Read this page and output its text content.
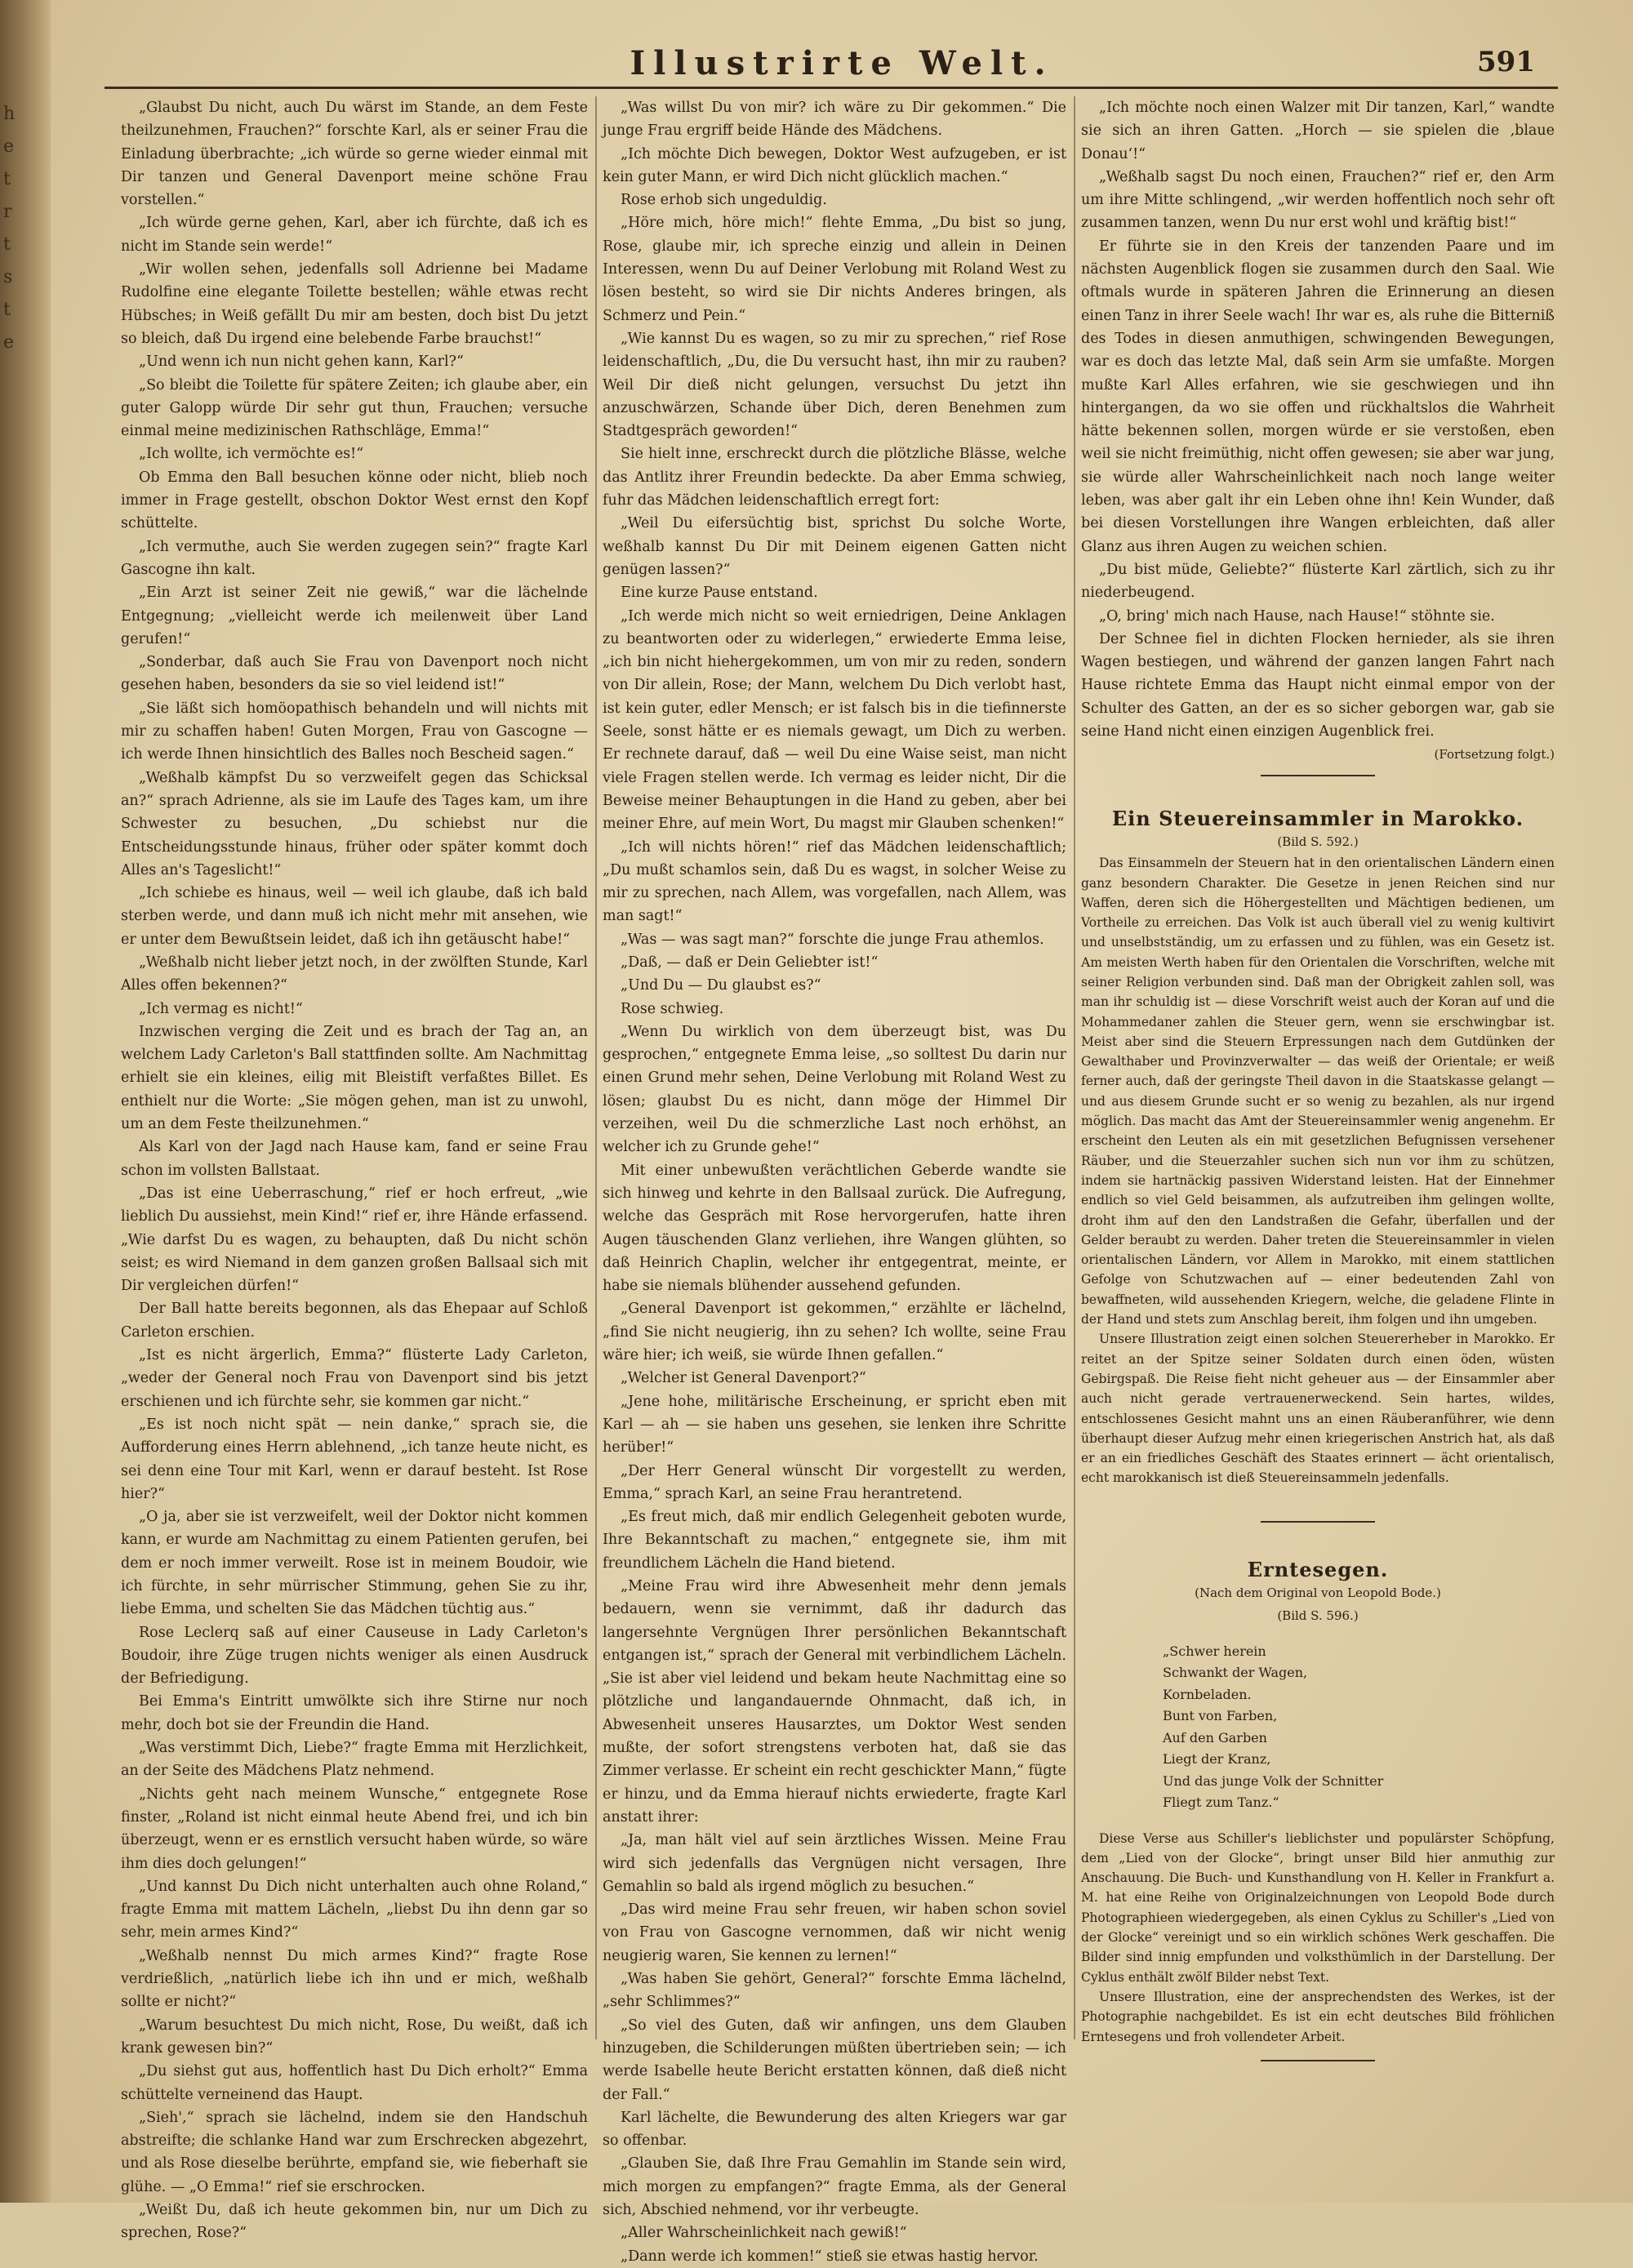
h
e
t
r
t
s
t
e
Illustrirte Welt.	591

„Glaubst Du nicht, auch Du wärst im Stande, an dem Feste theilzunehmen, Frauchen?“ forschte Karl, als er seiner Frau die Einladung überbrachte; „ich würde so gerne wieder einmal mit Dir tanzen und General Davenport meine schöne Frau vorstellen.“

„Ich würde gerne gehen, Karl, aber ich fürchte, daß ich es nicht im Stande sein werde!“

„Wir wollen sehen, jedenfalls soll Adrienne bei Madame Rudolfine eine elegante Toilette bestellen; wähle etwas recht Hübsches; in Weiß gefällt Du mir am besten, doch bist Du jetzt so bleich, daß Du irgend eine belebende Farbe brauchst!“

„Und wenn ich nun nicht gehen kann, Karl?“

„So bleibt die Toilette für spätere Zeiten; ich glaube aber, ein guter Galopp würde Dir sehr gut thun, Frauchen; versuche einmal meine medizinischen Rathschläge, Emma!“

„Ich wollte, ich vermöchte es!“

Ob Emma den Ball besuchen könne oder nicht, blieb noch immer in Frage gestellt, obschon Doktor West ernst den Kopf schüttelte.

„Ich vermuthe, auch Sie werden zugegen sein?“ fragte Karl Gascogne ihn kalt.

„Ein Arzt ist seiner Zeit nie gewiß,“ war die lächelnde Entgegnung; „vielleicht werde ich meilenweit über Land gerufen!“

„Sonderbar, daß auch Sie Frau von Davenport noch nicht gesehen haben, besonders da sie so viel leidend ist!“

„Sie läßt sich homöopathisch behandeln und will nichts mit mir zu schaffen haben! Guten Morgen, Frau von Gascogne — ich werde Ihnen hinsichtlich des Balles noch Bescheid sagen.“

„Weßhalb kämpfst Du so verzweifelt gegen das Schicksal an?“ sprach Adrienne, als sie im Laufe des Tages kam, um ihre Schwester zu besuchen, „Du schiebst nur die Entscheidungsstunde hinaus, früher oder später kommt doch Alles an's Tageslicht!“

„Ich schiebe es hinaus, weil — weil ich glaube, daß ich bald sterben werde, und dann muß ich nicht mehr mit ansehen, wie er unter dem Bewußtsein leidet, daß ich ihn getäuscht habe!“

„Weßhalb nicht lieber jetzt noch, in der zwölften Stunde, Karl Alles offen bekennen?“

„Ich vermag es nicht!“

Inzwischen verging die Zeit und es brach der Tag an, an welchem Lady Carleton's Ball stattfinden sollte. Am Nachmittag erhielt sie ein kleines, eilig mit Bleistift verfaßtes Billet. Es enthielt nur die Worte: „Sie mögen gehen, man ist zu unwohl, um an dem Feste theilzunehmen.“

Als Karl von der Jagd nach Hause kam, fand er seine Frau schon im vollsten Ballstaat.

„Das ist eine Ueberraschung,“ rief er hoch erfreut, „wie lieblich Du aussiehst, mein Kind!“ rief er, ihre Hände erfassend. „Wie darfst Du es wagen, zu behaupten, daß Du nicht schön seist; es wird Niemand in dem ganzen großen Ballsaal sich mit Dir vergleichen dürfen!“

Der Ball hatte bereits begonnen, als das Ehepaar auf Schloß Carleton erschien.

„Ist es nicht ärgerlich, Emma?“ flüsterte Lady Carleton, „weder der General noch Frau von Davenport sind bis jetzt erschienen und ich fürchte sehr, sie kommen gar nicht.“

„Es ist noch nicht spät — nein danke,“ sprach sie, die Aufforderung eines Herrn ablehnend, „ich tanze heute nicht, es sei denn eine Tour mit Karl, wenn er darauf besteht. Ist Rose hier?“

„O ja, aber sie ist verzweifelt, weil der Doktor nicht kommen kann, er wurde am Nachmittag zu einem Patienten gerufen, bei dem er noch immer verweilt. Rose ist in meinem Boudoir, wie ich fürchte, in sehr mürrischer Stimmung, gehen Sie zu ihr, liebe Emma, und schelten Sie das Mädchen tüchtig aus.“

Rose Leclerq saß auf einer Causeuse in Lady Carleton's Boudoir, ihre Züge trugen nichts weniger als einen Ausdruck der Befriedigung.

Bei Emma's Eintritt umwölkte sich ihre Stirne nur noch mehr, doch bot sie der Freundin die Hand.

„Was verstimmt Dich, Liebe?“ fragte Emma mit Herzlichkeit, an der Seite des Mädchens Platz nehmend.

„Nichts geht nach meinem Wunsche,“ entgegnete Rose finster, „Roland ist nicht einmal heute Abend frei, und ich bin überzeugt, wenn er es ernstlich versucht haben würde, so wäre ihm dies doch gelungen!“

„Und kannst Du Dich nicht unterhalten auch ohne Roland,“ fragte Emma mit mattem Lächeln, „liebst Du ihn denn gar so sehr, mein armes Kind?“

„Weßhalb nennst Du mich armes Kind?“ fragte Rose verdrießlich, „natürlich liebe ich ihn und er mich, weßhalb sollte er nicht?“

„Warum besuchtest Du mich nicht, Rose, Du weißt, daß ich krank gewesen bin?“

„Du siehst gut aus, hoffentlich hast Du Dich erholt?“ Emma schüttelte verneinend das Haupt.

„Sieh',“ sprach sie lächelnd, indem sie den Handschuh abstreifte; die schlanke Hand war zum Erschrecken abgezehrt, und als Rose dieselbe berührte, empfand sie, wie fieberhaft sie glühe. — „O Emma!“ rief sie erschrocken.

„Weißt Du, daß ich heute gekommen bin, nur um Dich zu sprechen, Rose?“

„Was willst Du von mir? ich wäre zu Dir gekommen.“ Die junge Frau ergriff beide Hände des Mädchens.

„Ich möchte Dich bewegen, Doktor West aufzugeben, er ist kein guter Mann, er wird Dich nicht glücklich machen.“

Rose erhob sich ungeduldig.

„Höre mich, höre mich!“ flehte Emma, „Du bist so jung, Rose, glaube mir, ich spreche einzig und allein in Deinen Interessen, wenn Du auf Deiner Verlobung mit Roland West zu lösen besteht, so wird sie Dir nichts Anderes bringen, als Schmerz und Pein.“

„Wie kannst Du es wagen, so zu mir zu sprechen,“ rief Rose leidenschaftlich, „Du, die Du versucht hast, ihn mir zu rauben? Weil Dir dieß nicht gelungen, versuchst Du jetzt ihn anzuschwärzen, Schande über Dich, deren Benehmen zum Stadtgespräch geworden!“

Sie hielt inne, erschreckt durch die plötzliche Blässe, welche das Antlitz ihrer Freundin bedeckte. Da aber Emma schwieg, fuhr das Mädchen leidenschaftlich erregt fort:

„Weil Du eifersüchtig bist, sprichst Du solche Worte, weßhalb kannst Du Dir mit Deinem eigenen Gatten nicht genügen lassen?“

Eine kurze Pause entstand.

„Ich werde mich nicht so weit erniedrigen, Deine Anklagen zu beantworten oder zu widerlegen,“ erwiederte Emma leise, „ich bin nicht hiehergekommen, um von mir zu reden, sondern von Dir allein, Rose; der Mann, welchem Du Dich verlobt hast, ist kein guter, edler Mensch; er ist falsch bis in die tiefinnerste Seele, sonst hätte er es niemals gewagt, um Dich zu werben. Er rechnete darauf, daß — weil Du eine Waise seist, man nicht viele Fragen stellen werde. Ich vermag es leider nicht, Dir die Beweise meiner Behauptungen in die Hand zu geben, aber bei meiner Ehre, auf mein Wort, Du magst mir Glauben schenken!“

„Ich will nichts hören!“ rief das Mädchen leidenschaftlich; „Du mußt schamlos sein, daß Du es wagst, in solcher Weise zu mir zu sprechen, nach Allem, was vorgefallen, nach Allem, was man sagt!“

„Was — was sagt man?“ forschte die junge Frau athemlos.

„Daß, — daß er Dein Geliebter ist!“

„Und Du — Du glaubst es?“

Rose schwieg.

„Wenn Du wirklich von dem überzeugt bist, was Du gesprochen,“ entgegnete Emma leise, „so solltest Du darin nur einen Grund mehr sehen, Deine Verlobung mit Roland West zu lösen; glaubst Du es nicht, dann möge der Himmel Dir verzeihen, weil Du die schmerzliche Last noch erhöhst, an welcher ich zu Grunde gehe!“

Mit einer unbewußten verächtlichen Geberde wandte sie sich hinweg und kehrte in den Ballsaal zurück. Die Aufregung, welche das Gespräch mit Rose hervorgerufen, hatte ihren Augen täuschenden Glanz verliehen, ihre Wangen glühten, so daß Heinrich Chaplin, welcher ihr entgegentrat, meinte, er habe sie niemals blühender aussehend gefunden.

„General Davenport ist gekommen,“ erzählte er lächelnd, „find Sie nicht neugierig, ihn zu sehen? Ich wollte, seine Frau wäre hier; ich weiß, sie würde Ihnen gefallen.“

„Welcher ist General Davenport?“

„Jene hohe, militärische Erscheinung, er spricht eben mit Karl — ah — sie haben uns gesehen, sie lenken ihre Schritte herüber!“

„Der Herr General wünscht Dir vorgestellt zu werden, Emma,“ sprach Karl, an seine Frau herantretend.

„Es freut mich, daß mir endlich Gelegenheit geboten wurde, Ihre Bekanntschaft zu machen,“ entgegnete sie, ihm mit freundlichem Lächeln die Hand bietend.

„Meine Frau wird ihre Abwesenheit mehr denn jemals bedauern, wenn sie vernimmt, daß ihr dadurch das langersehnte Vergnügen Ihrer persönlichen Bekanntschaft entgangen ist,“ sprach der General mit verbindlichem Lächeln. „Sie ist aber viel leidend und bekam heute Nachmittag eine so plötzliche und langandauernde Ohnmacht, daß ich, in Abwesenheit unseres Hausarztes, um Doktor West senden mußte, der sofort strengstens verboten hat, daß sie das Zimmer verlasse. Er scheint ein recht geschickter Mann,“ fügte er hinzu, und da Emma hierauf nichts erwiederte, fragte Karl anstatt ihrer:

„Ja, man hält viel auf sein ärztliches Wissen. Meine Frau wird sich jedenfalls das Vergnügen nicht versagen, Ihre Gemahlin so bald als irgend möglich zu besuchen.“

„Das wird meine Frau sehr freuen, wir haben schon soviel von Frau von Gascogne vernommen, daß wir nicht wenig neugierig waren, Sie kennen zu lernen!“

„Was haben Sie gehört, General?“ forschte Emma lächelnd, „sehr Schlimmes?“

„So viel des Guten, daß wir anfingen, uns dem Glauben hinzugeben, die Schilderungen müßten übertrieben sein; — ich werde Isabelle heute Bericht erstatten können, daß dieß nicht der Fall.“

Karl lächelte, die Bewunderung des alten Kriegers war gar so offenbar.

„Glauben Sie, daß Ihre Frau Gemahlin im Stande sein wird, mich morgen zu empfangen?“ fragte Emma, als der General sich, Abschied nehmend, vor ihr verbeugte.

„Aller Wahrscheinlichkeit nach gewiß!“

„Dann werde ich kommen!“ stieß sie etwas hastig hervor.

„Ich möchte noch einen Walzer mit Dir tanzen, Karl,“ wandte sie sich an ihren Gatten. „Horch — sie spielen die ‚blaue Donau‘!“

„Weßhalb sagst Du noch einen, Frauchen?“ rief er, den Arm um ihre Mitte schlingend, „wir werden hoffentlich noch sehr oft zusammen tanzen, wenn Du nur erst wohl und kräftig bist!“

Er führte sie in den Kreis der tanzenden Paare und im nächsten Augenblick flogen sie zusammen durch den Saal. Wie oftmals wurde in späteren Jahren die Erinnerung an diesen einen Tanz in ihrer Seele wach! Ihr war es, als ruhe die Bitterniß des Todes in diesen anmuthigen, schwingenden Bewegungen, war es doch das letzte Mal, daß sein Arm sie umfaßte. Morgen mußte Karl Alles erfahren, wie sie geschwiegen und ihn hintergangen, da wo sie offen und rückhaltslos die Wahrheit hätte bekennen sollen, morgen würde er sie verstoßen, eben weil sie nicht freimüthig, nicht offen gewesen; sie aber war jung, sie würde aller Wahrscheinlichkeit nach noch lange weiter leben, was aber galt ihr ein Leben ohne ihn! Kein Wunder, daß bei diesen Vorstellungen ihre Wangen erbleichten, daß aller Glanz aus ihren Augen zu weichen schien.

„Du bist müde, Geliebte?“ flüsterte Karl zärtlich, sich zu ihr niederbeugend.

„O, bring' mich nach Hause, nach Hause!“ stöhnte sie.

Der Schnee fiel in dichten Flocken hernieder, als sie ihren Wagen bestiegen, und während der ganzen langen Fahrt nach Hause richtete Emma das Haupt nicht einmal empor von der Schulter des Gatten, an der es so sicher geborgen war, gab sie seine Hand nicht einen einzigen Augenblick frei.

(Fortsetzung folgt.)

Ein Steuereinsammler in Marokko.

(Bild S. 592.)

Das Einsammeln der Steuern hat in den orientalischen Ländern einen ganz besondern Charakter. Die Gesetze in jenen Reichen sind nur Waffen, deren sich die Höhergestellten und Mächtigen bedienen, um Vortheile zu erreichen. Das Volk ist auch überall viel zu wenig kultivirt und unselbstständig, um zu erfassen und zu fühlen, was ein Gesetz ist. Am meisten Werth haben für den Orientalen die Vorschriften, welche mit seiner Religion verbunden sind. Daß man der Obrigkeit zahlen soll, was man ihr schuldig ist — diese Vorschrift weist auch der Koran auf und die Mohammedaner zahlen die Steuer gern, wenn sie erschwingbar ist. Meist aber sind die Steuern Erpressungen nach dem Gutdünken der Gewalthaber und Provinzverwalter — das weiß der Orientale; er weiß ferner auch, daß der geringste Theil davon in die Staatskasse gelangt — und aus diesem Grunde sucht er so wenig zu bezahlen, als nur irgend möglich. Das macht das Amt der Steuereinsammler wenig angenehm. Er erscheint den Leuten als ein mit gesetzlichen Befugnissen versehener Räuber, und die Steuerzahler suchen sich nun vor ihm zu schützen, indem sie hartnäckig passiven Widerstand leisten. Hat der Einnehmer endlich so viel Geld beisammen, als aufzutreiben ihm gelingen wollte, droht ihm auf den den Landstraßen die Gefahr, überfallen und der Gelder beraubt zu werden. Daher treten die Steuereinsammler in vielen orientalischen Ländern, vor Allem in Marokko, mit einem stattlichen Gefolge von Schutzwachen auf — einer bedeutenden Zahl von bewaffneten, wild aussehenden Kriegern, welche, die geladene Flinte in der Hand und stets zum Anschlag bereit, ihm folgen und ihn umgeben.

Unsere Illustration zeigt einen solchen Steuererheber in Marokko. Er reitet an der Spitze seiner Soldaten durch einen öden, wüsten Gebirgspaß. Die Reise fieht nicht geheuer aus — der Einsammler aber auch nicht gerade vertrauenerweckend. Sein hartes, wildes, entschlossenes Gesicht mahnt uns an einen Räuberanführer, wie denn überhaupt dieser Aufzug mehr einen kriegerischen Anstrich hat, als daß er an ein friedliches Geschäft des Staates erinnert — ächt orientalisch, echt marokkanisch ist dieß Steuereinsammeln jedenfalls.

Erntesegen.

(Nach dem Original von Leopold Bode.)

(Bild S. 596.)

„Schwer herein
Schwankt der Wagen,
Kornbeladen.
Bunt von Farben,
Auf den Garben
Liegt der Kranz,
Und das junge Volk der Schnitter
Fliegt zum Tanz.“

Diese Verse aus Schiller's lieblichster und populärster Schöpfung, dem „Lied von der Glocke“, bringt unser Bild hier anmuthig zur Anschauung. Die Buch- und Kunsthandlung von H. Keller in Frankfurt a. M. hat eine Reihe von Originalzeichnungen von Leopold Bode durch Photographieen wiedergegeben, als einen Cyklus zu Schiller's „Lied von der Glocke“ vereinigt und so ein wirklich schönes Werk geschaffen. Die Bilder sind innig empfunden und volksthümlich in der Darstellung. Der Cyklus enthält zwölf Bilder nebst Text.

Unsere Illustration, eine der ansprechendsten des Werkes, ist der Photographie nachgebildet. Es ist ein echt deutsches Bild fröhlichen Erntesegens und froh vollendeter Arbeit.
